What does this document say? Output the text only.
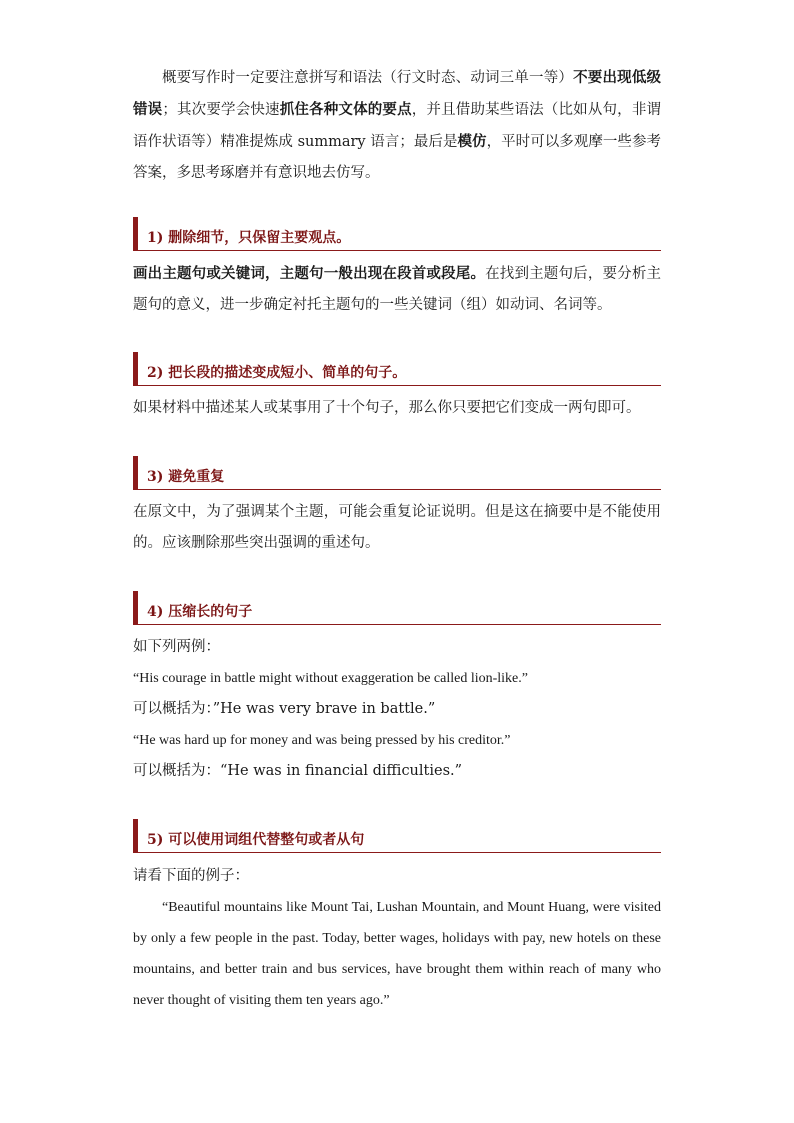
概要写作时一定要注意拼写和语法（行文时态、动词三单一等）不要出现低级错误；其次要学会快速抓住各种文体的要点，并且借助某些语法（比如从句，非谓语作状语等）精准提炼成 summary 语言；最后是模仿，平时可以多观摩一些参考答案，多思考琢磨并有意识地去仿写。

1) 删除细节，只保留主要观点。

画出主题句或关键词，主题句一般出现在段首或段尾。在找到主题句后，要分析主题句的意义，进一步确定衬托主题句的一些关键词（组）如动词、名词等。

2) 把长段的描述变成短小、简单的句子。

如果材料中描述某人或某事用了十个句子，那么你只要把它们变成一两句即可。

3) 避免重复

在原文中，为了强调某个主题，可能会重复论证说明。但是这在摘要中是不能使用的。应该删除那些突出强调的重述句。

4) 压缩长的句子

如下列两例：

“His courage in battle might without exaggeration be called lion-like.”

可以概括为：”He was very brave in battle.”

“He was hard up for money and was being pressed by his creditor.”

可以概括为：“He was in financial difficulties.”

5) 可以使用词组代替整句或者从句

请看下面的例子：

“Beautiful mountains like Mount Tai, Lushan Mountain, and Mount Huang, were visited by only a few people in the past. Today, better wages, holidays with pay, new hotels on these mountains, and better train and bus services, have brought them within reach of many who never thought of visiting them ten years ago.”
